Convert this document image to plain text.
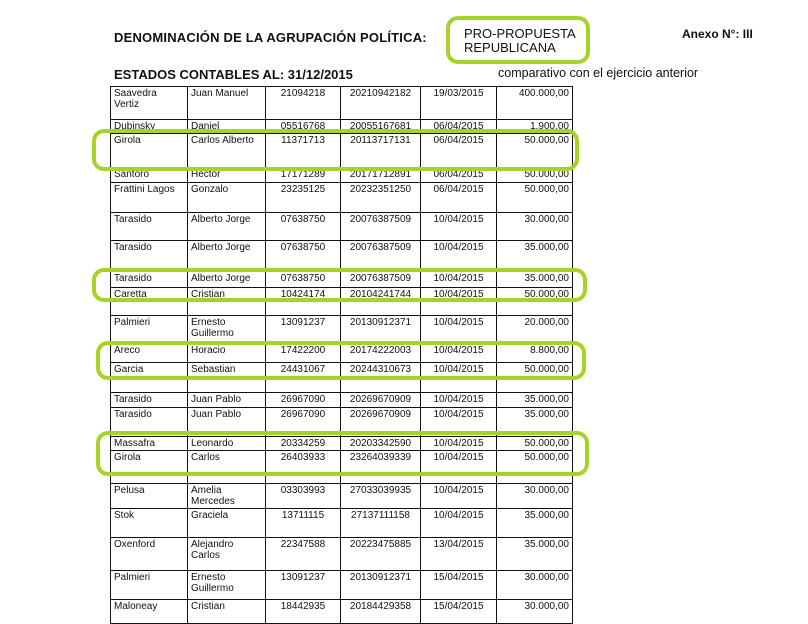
DENOMINACIÓN DE LA AGRUPACIÓN POLÍTICA:	PRO-PROPUESTA
REPUBLICANA
Anexo N°: III
ESTADOS CONTABLES AL: 31/12/2015	comparativo con el ejercicio anterior
Saavedra Vertiz	Juan Manuel	21094218	20210942182	19/03/2015	400.000,00
Dubinsky	Daniel	05516768	20055167681	06/04/2015	1.900,00
Girola	Carlos Alberto	11371713	20113717131	06/04/2015	50.000,00
Santoro	Hector	17171289	20171712891	06/04/2015	50.000,00
Frattini Lagos	Gonzalo	23235125	20232351250	06/04/2015	50.000,00
Tarasido	Alberto Jorge	07638750	20076387509	10/04/2015	30.000,00
Tarasido	Alberto Jorge	07638750	20076387509	10/04/2015	35.000,00
Tarasido	Alberto Jorge	07638750	20076387509	10/04/2015	35.000,00
Caretta	Cristian	10424174	20104241744	10/04/2015	50.000,00
Palmieri	Ernesto Guillermo	13091237	20130912371	10/04/2015	20.000,00
Areco	Horacio	17422200	20174222003	10/04/2015	8.800,00
Garcia	Sebastian	24431067	20244310673	10/04/2015	50.000,00
Tarasido	Juan Pablo	26967090	20269670909	10/04/2015	35.000,00
Tarasido	Juan Pablo	26967090	20269670909	10/04/2015	35.000,00
Massafra	Leonardo	20334259	20203342590	10/04/2015	50.000,00
Girola	Carlos	26403933	23264039339	10/04/2015	50.000,00
Pelusa	Amelia Mercedes	03303993	27033039935	10/04/2015	30.000,00
Stok	Graciela	13711115	27137111158	10/04/2015	35.000,00
Oxenford	Alejandro Carlos	22347588	20223475885	13/04/2015	35.000,00
Palmieri	Ernesto Guillermo	13091237	20130912371	15/04/2015	30.000,00
Maloneay	Cristian	18442935	20184429358	15/04/2015	30.000,00
